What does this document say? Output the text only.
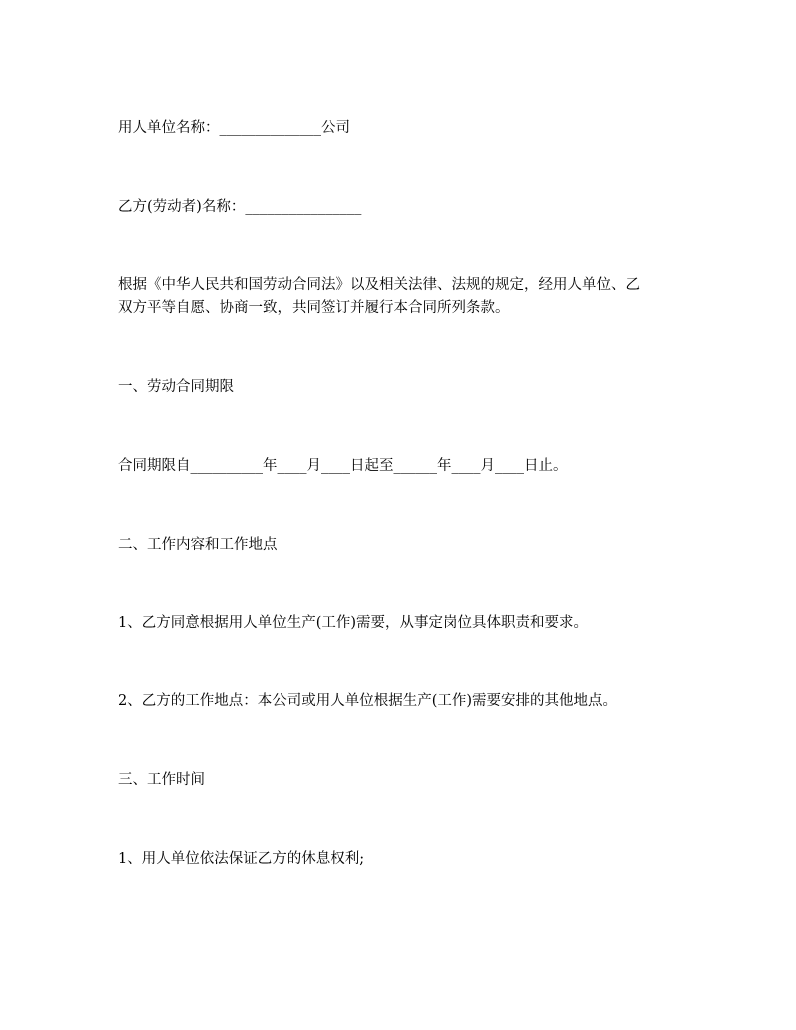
用人单位名称：______________公司
乙方(劳动者)名称：________________
根据《中华人民共和国劳动合同法》以及相关法律、法规的规定，经用人单位、乙
双方平等自愿、协商一致，共同签订并履行本合同所列条款。
一、劳动合同期限
合同期限自__________年____月____日起至______年____月____日止。
二、工作内容和工作地点
1、乙方同意根据用人单位生产(工作)需要，从事定岗位具体职责和要求。
2、乙方的工作地点：本公司或用人单位根据生产(工作)需要安排的其他地点。
三、工作时间
1、用人单位依法保证乙方的休息权利;
